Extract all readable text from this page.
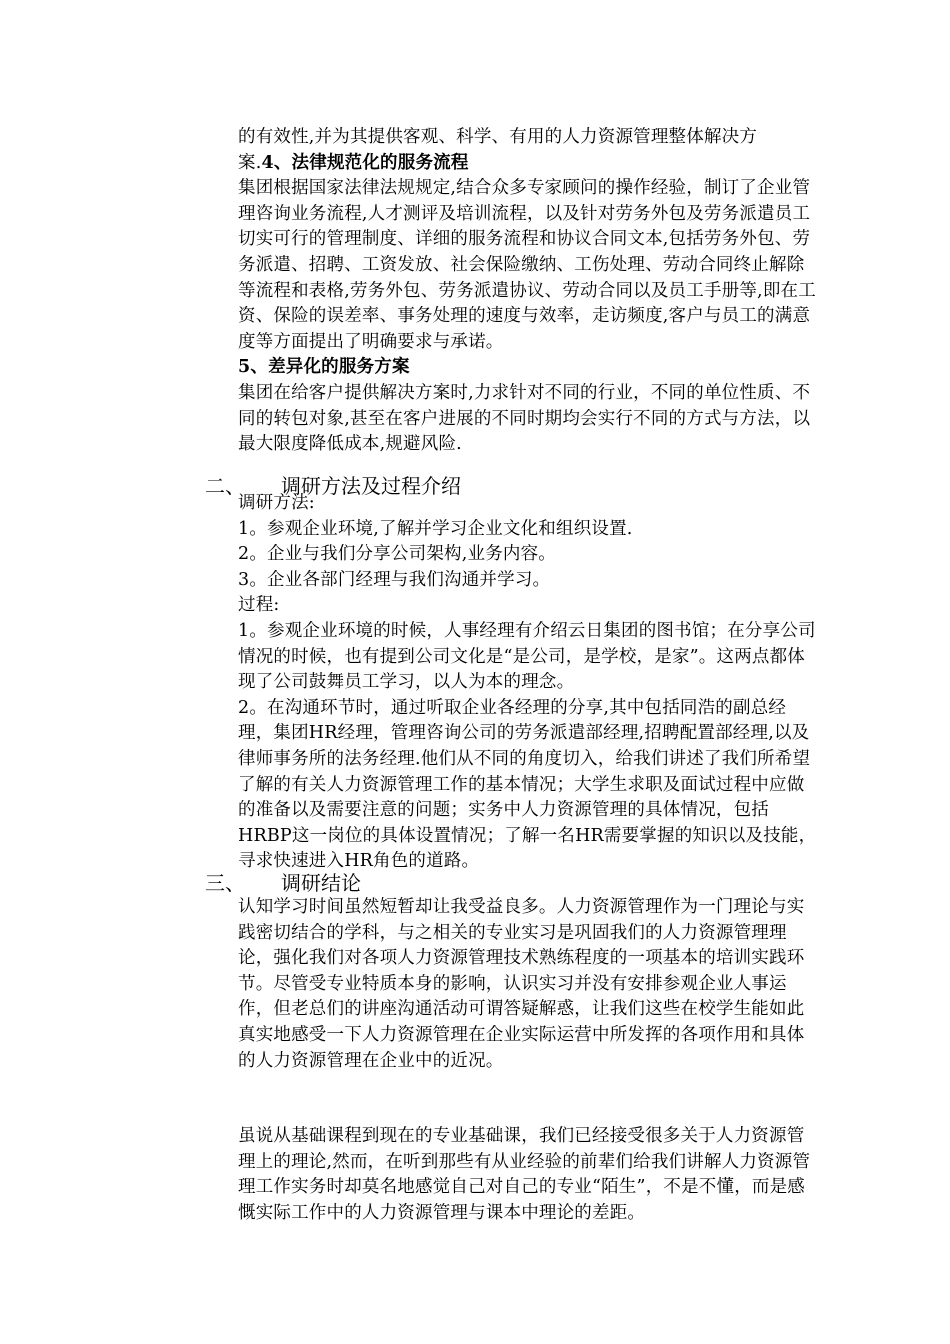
的有效性,并为其提供客观、科学、有用的人力资源管理整体解决方

案.4、法律规范化的服务流程

集团根据国家法律法规规定,结合众多专家顾问的操作经验，制订了企业管理咨询业务流程,人才测评及培训流程，以及针对劳务外包及劳务派遣员工切实可行的管理制度、详细的服务流程和协议合同文本,包括劳务外包、劳务派遣、招聘、工资发放、社会保险缴纳、工伤处理、劳动合同终止解除等流程和表格,劳务外包、劳务派遣协议、劳动合同以及员工手册等,即在工资、保险的误差率、事务处理的速度与效率，走访频度,客户与员工的满意度等方面提出了明确要求与承诺。

5、差异化的服务方案

集团在给客户提供解决方案时,力求针对不同的行业，不同的单位性质、不同的转包对象,甚至在客户进展的不同时期均会实行不同的方式与方法，以最大限度降低成本,规避风险.

二、 调研方法及过程介绍

调研方法:

1。参观企业环境,了解并学习企业文化和组织设置.

2。企业与我们分享公司架构,业务内容。

3。企业各部门经理与我们沟通并学习。

过程:

1。参观企业环境的时候，人事经理有介绍云日集团的图书馆；在分享公司情况的时候，也有提到公司文化是“是公司，是学校，是家”。这两点都体现了公司鼓舞员工学习，以人为本的理念。

2。在沟通环节时，通过听取企业各经理的分享,其中包括同浩的副总经理，集团HR经理，管理咨询公司的劳务派遣部经理,招聘配置部经理,以及律师事务所的法务经理.他们从不同的角度切入，给我们讲述了我们所希望了解的有关人力资源管理工作的基本情况；大学生求职及面试过程中应做的准备以及需要注意的问题；实务中人力资源管理的具体情况，包括HRBP这一岗位的具体设置情况；了解一名HR需要掌握的知识以及技能，寻求快速进入HR角色的道路。

三、 调研结论

认知学习时间虽然短暂却让我受益良多。人力资源管理作为一门理论与实践密切结合的学科，与之相关的专业实习是巩固我们的人力资源管理理论，强化我们对各项人力资源管理技术熟练程度的一项基本的培训实践环节。尽管受专业特质本身的影响，认识实习并没有安排参观企业人事运作，但老总们的讲座沟通活动可谓答疑解惑，让我们这些在校学生能如此真实地感受一下人力资源管理在企业实际运营中所发挥的各项作用和具体的人力资源管理在企业中的近况。

虽说从基础课程到现在的专业基础课，我们已经接受很多关于人力资源管理上的理论,然而，在听到那些有从业经验的前辈们给我们讲解人力资源管理工作实务时却莫名地感觉自己对自己的专业“陌生”，不是不懂，而是感慨实际工作中的人力资源管理与课本中理论的差距。
